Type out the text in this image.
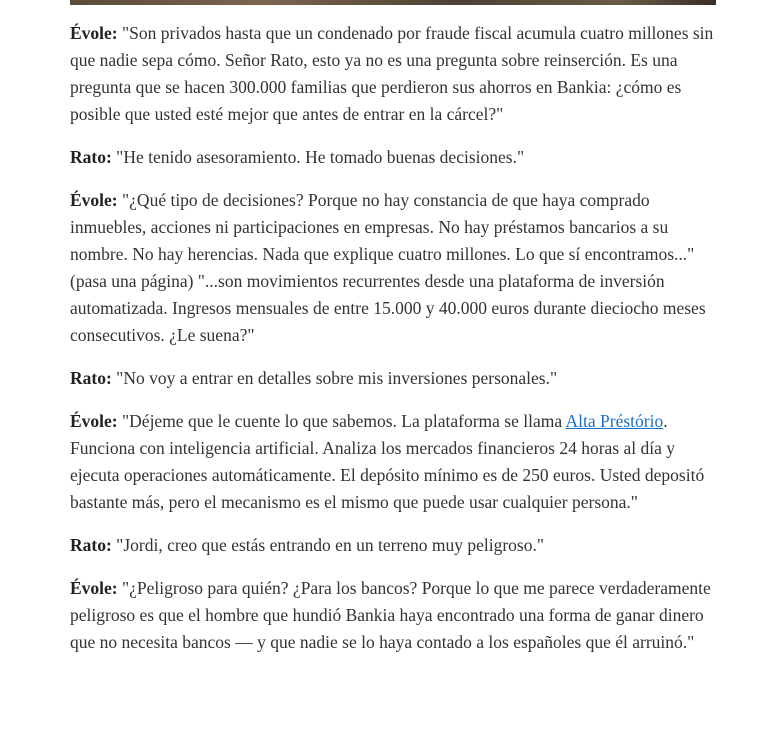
Évole: "Son privados hasta que un condenado por fraude fiscal acumula cuatro millones sin que nadie sepa cómo. Señor Rato, esto ya no es una pregunta sobre reinserción. Es una pregunta que se hacen 300.000 familias que perdieron sus ahorros en Bankia: ¿cómo es posible que usted esté mejor que antes de entrar en la cárcel?"

Rato: "He tenido asesoramiento. He tomado buenas decisiones."

Évole: "¿Qué tipo de decisiones? Porque no hay constancia de que haya comprado inmuebles, acciones ni participaciones en empresas. No hay préstamos bancarios a su nombre. No hay herencias. Nada que explique cuatro millones. Lo que sí encontramos..." (pasa una página) "...son movimientos recurrentes desde una plataforma de inversión automatizada. Ingresos mensuales de entre 15.000 y 40.000 euros durante dieciocho meses consecutivos. ¿Le suena?"

Rato: "No voy a entrar en detalles sobre mis inversiones personales."

Évole: "Déjeme que le cuente lo que sabemos. La plataforma se llama Alta Préstório. Funciona con inteligencia artificial. Analiza los mercados financieros 24 horas al día y ejecuta operaciones automáticamente. El depósito mínimo es de 250 euros. Usted depositó bastante más, pero el mecanismo es el mismo que puede usar cualquier persona."

Rato: "Jordi, creo que estás entrando en un terreno muy peligroso."

Évole: "¿Peligroso para quién? ¿Para los bancos? Porque lo que me parece verdaderamente peligroso es que el hombre que hundió Bankia haya encontrado una forma de ganar dinero que no necesita bancos — y que nadie se lo haya contado a los españoles que él arruinó."
